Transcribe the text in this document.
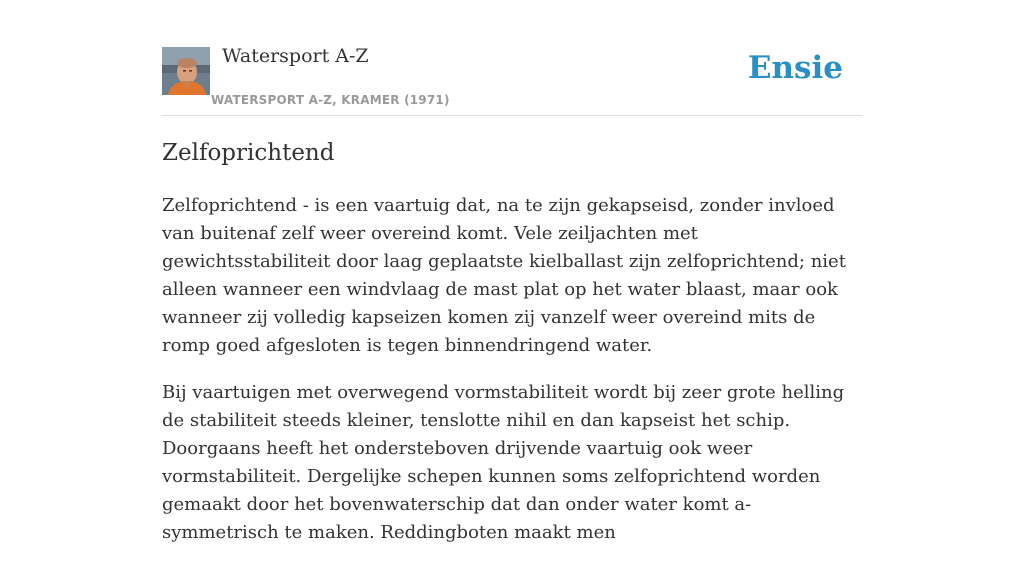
Watersport A-Z
WATERSPORT A-Z, KRAMER (1971)
Ensie
Zelfoprichtend

Zelfoprichtend - is een vaartuig dat, na te zijn gekapseisd, zonder invloed van buitenaf zelf weer overeind komt. Vele zeiljachten met gewichtsstabiliteit door laag geplaatste kielballast zijn zelfoprichtend; niet alleen wanneer een windvlaag de mast plat op het water blaast, maar ook wanneer zij volledig kapseizen komen zij vanzelf weer overeind mits de romp goed afgesloten is tegen binnendringend water.

Bij vaartuigen met overwegend vormstabiliteit wordt bij zeer grote helling de stabiliteit steeds kleiner, tenslotte nihil en dan kapseist het schip. Doorgaans heeft het ondersteboven drijvende vaartuig ook weer vormstabiliteit. Dergelijke schepen kunnen soms zelfoprichtend worden gemaakt door het bovenwaterschip dat dan onder water komt a-symmetrisch te maken. Reddingboten maakt men
